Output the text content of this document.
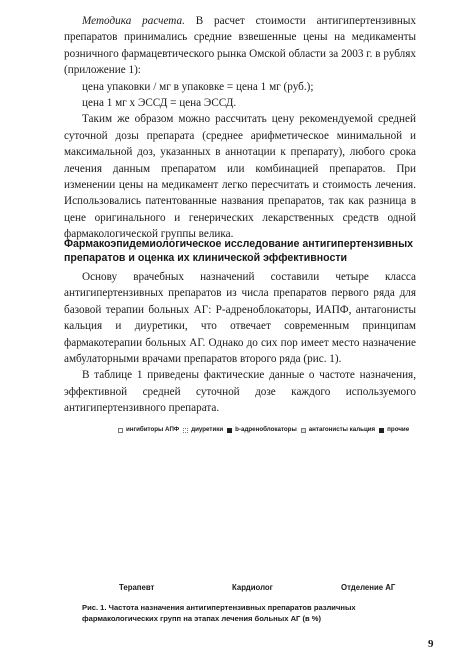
Методика расчета. В расчет стоимости антигипертензивных препаратов принимались средние взвешенные цены на медикаменты розничного фармацевтического рынка Омской области за 2003 г. в рублях (приложение 1):

цена упаковки / мг в упаковке = цена 1 мг (руб.);

цена 1 мг х ЭССД = цена ЭССД.

Таким же образом можно рассчитать цену рекомендуемой средней суточной дозы препарата (среднее арифметическое минимальной и максимальной доз, указанных в аннотации к препарату), любого срока лечения данным препаратом или комбинацией препаратов. При изменении цены на медикамент легко пересчитать и стоимость лечения. Использовались патентованные названия препаратов, так как разница в цене оригинального и генерических лекарственных средств одной фармакологической группы велика.

Фармакоэпидемиологическое исследование антигипертензивных препаратов и оценка их клинической эффективности

Основу врачебных назначений составили четыре класса антигипертензивных препаратов из числа препаратов первого ряда для базовой терапии больных АГ: Р-адреноблокаторы, ИАПФ, антагонисты кальция и диуретики, что отвечает современным принципам фармакотерапии больных АГ. Однако до сих пор имеет место назначение амбулаторными врачами препаратов второго ряда (рис. 1).

В таблице 1 приведены фактические данные о частоте назначения, эффективной средней суточной дозе каждого используемого антигипертензивного препарата.

ингибиторы АПФ диуретики b-адреноблокаторы антагонисты кальция прочие
Терапевт	Кардиолог	Отделение АГ

Рис. 1. Частота назначения антигипертензивных препаратов различных фармакологических групп на этапах лечения больных АГ (в %)

9
